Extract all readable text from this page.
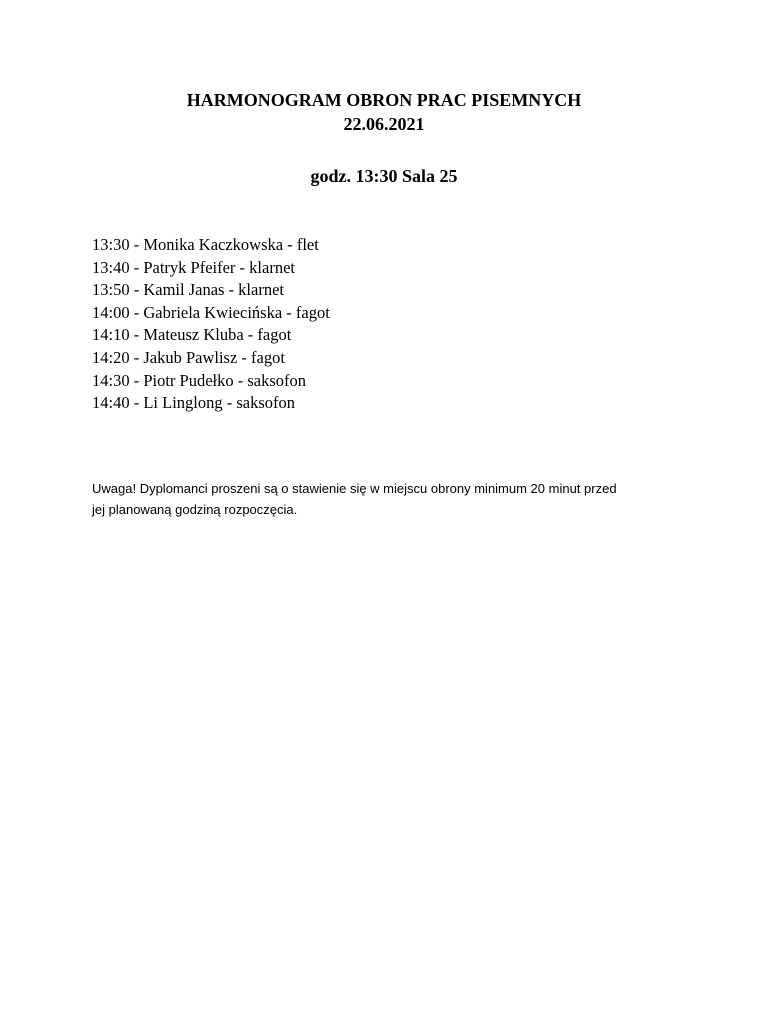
HARMONOGRAM OBRON PRAC PISEMNYCH
22.06.2021
godz. 13:30 Sala 25
13:30 - Monika Kaczkowska - flet
13:40 - Patryk Pfeifer - klarnet
13:50 - Kamil Janas - klarnet
14:00 - Gabriela Kwiecińska - fagot
14:10 - Mateusz Kluba - fagot
14:20 - Jakub Pawlisz - fagot
14:30 - Piotr Pudełko - saksofon
14:40 - Li Linglong - saksofon
Uwaga! Dyplomanci proszeni są o stawienie się w miejscu obrony minimum 20 minut przed
jej planowaną godziną rozpoczęcia.
